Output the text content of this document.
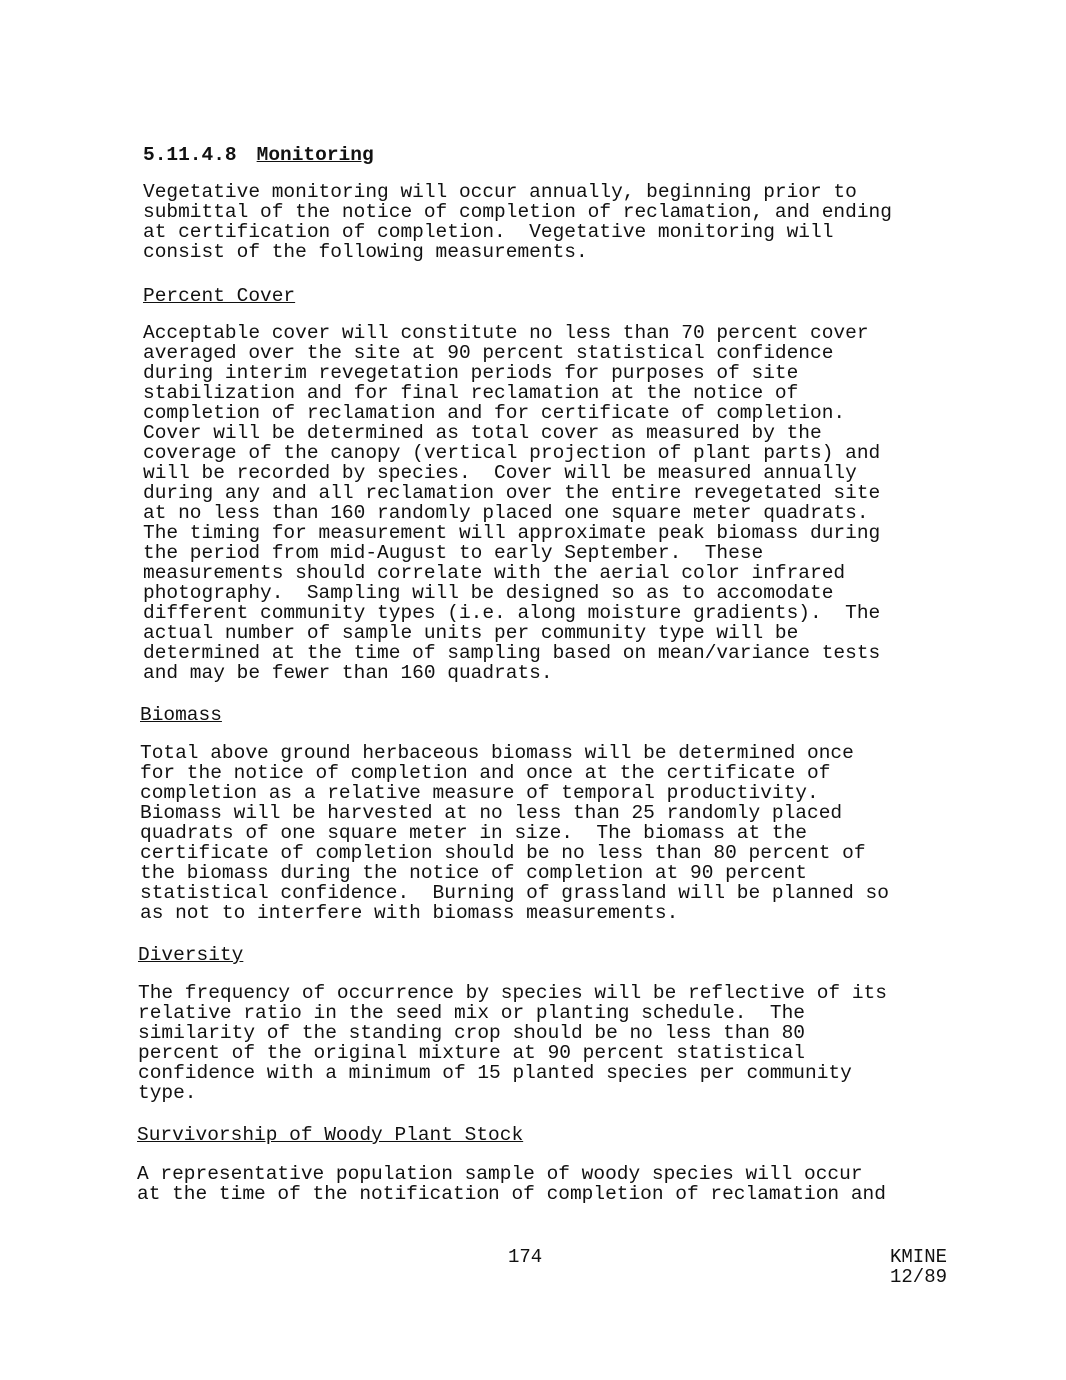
5.11.4.8 Monitoring

Vegetative monitoring will occur annually, beginning prior to
submittal of the notice of completion of reclamation, and ending
at certification of completion.  Vegetative monitoring will
consist of the following measurements.

Percent Cover

Acceptable cover will constitute no less than 70 percent cover
averaged over the site at 90 percent statistical confidence
during interim revegetation periods for purposes of site
stabilization and for final reclamation at the notice of
completion of reclamation and for certificate of completion.
Cover will be determined as total cover as measured by the
coverage of the canopy (vertical projection of plant parts) and
will be recorded by species.  Cover will be measured annually
during any and all reclamation over the entire revegetated site
at no less than 160 randomly placed one square meter quadrats.
The timing for measurement will approximate peak biomass during
the period from mid-August to early September.  These
measurements should correlate with the aerial color infrared
photography.  Sampling will be designed so as to accomodate
different community types (i.e. along moisture gradients).  The
actual number of sample units per community type will be
determined at the time of sampling based on mean/variance tests
and may be fewer than 160 quadrats.

Biomass

Total above ground herbaceous biomass will be determined once
for the notice of completion and once at the certificate of
completion as a relative measure of temporal productivity.
Biomass will be harvested at no less than 25 randomly placed
quadrats of one square meter in size.  The biomass at the
certificate of completion should be no less than 80 percent of
the biomass during the notice of completion at 90 percent
statistical confidence.  Burning of grassland will be planned so
as not to interfere with biomass measurements.

Diversity

The frequency of occurrence by species will be reflective of its
relative ratio in the seed mix or planting schedule.  The
similarity of the standing crop should be no less than 80
percent of the original mixture at 90 percent statistical
confidence with a minimum of 15 planted species per community
type.

Survivorship of Woody Plant Stock

A representative population sample of woody species will occur
at the time of the notification of completion of reclamation and

174	KMINE
12/89
